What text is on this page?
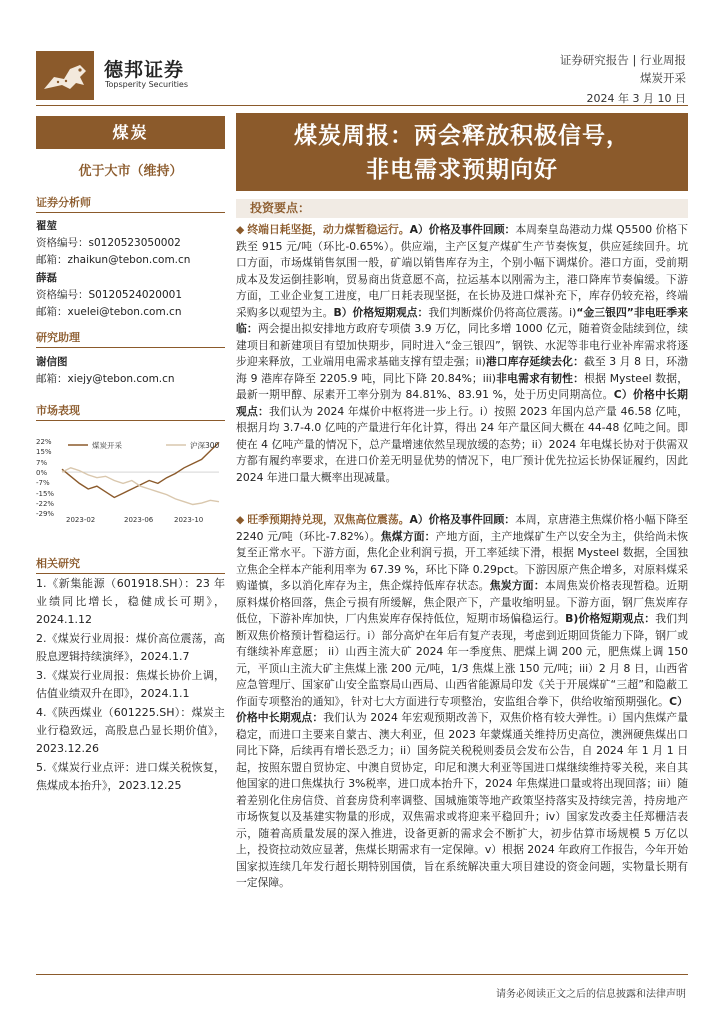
德邦证券
Topsperity Securities
证券研究报告 | 行业周报
煤炭开采
2024 年 3 月 10 日
煤炭
优于大市（维持）
证券分析师
翟堃
资格编号：s0120523050002
邮箱：zhaikun@tebon.com.cn
薛磊
资格编号：S0120524020001
邮箱：xuelei@tebon.com.cn
研究助理
谢信图
邮箱：xiejy@tebon.com.cn
市场表现
22%
15%
7%
0%
-7%
-15%
-22%
-29%
2023-02	2023-06	2023-10
煤炭开采	沪深300
相关研究
1.《新集能源（601918.SH）：23 年业绩同比增长，稳健成长可期》，2024.1.12
2.《煤炭行业周报：煤价高位震荡，高股息逻辑持续演绎》，2024.1.7
3.《煤炭行业周报：焦煤长协价上调，估值业绩双升在即》，2024.1.1
4.《陕西煤业（601225.SH）：煤炭主业行稳致远，高股息凸显长期价值》，2023.12.26
5.《煤炭行业点评：进口煤关税恢复，焦煤成本抬升》，2023.12.25
煤炭周报：两会释放积极信号，
非电需求预期向好
投资要点：
◆ 终端日耗坚挺，动力煤暂稳运行。A）价格及事件回顾：本周秦皇岛港动力煤 Q5500 价格下跌至 915 元/吨（环比-0.65%）。供应端，主产区复产煤矿生产节奏恢复，供应延续回升。坑口方面，市场煤销售氛围一般，矿端以销售库存为主，个别小幅下调煤价。港口方面，受前期成本及发运倒挂影响，贸易商出货意愿不高，拉运基本以刚需为主，港口降库节奏偏缓。下游方面，工业企业复工进度，电厂日耗表现坚挺，在长协及进口煤补充下，库存仍较充裕，终端采购多以观望为主。B）价格短期观点：我们判断煤价仍将高位震荡。i)“金三银四”非电旺季来临：两会提出拟安排地方政府专项债 3.9 万亿，同比多增 1000 亿元，随着资金陆续到位，续建项目和新建项目有望加快期步，同时进入“金三银四”，钢铁、水泥等非电行业补库需求将逐步迎来释放，工业端用电需求基础支撑有望走强；ii)港口库存延续去化：截至 3 月 8 日，环渤海 9 港库存降至 2205.9 吨，同比下降 20.84%；iii)非电需求有韧性：根据 Mysteel 数据，最新一期甲醇、尿素开工率分别为 84.81%、83.91 %，处于历史同期高位。C）价格中长期观点：我们认为 2024 年煤价中枢将进一步上行。i）按照 2023 年国内总产量 46.58 亿吨，根据月均 3.7-4.0 亿吨的产量进行年化计算，得出 24 年产量区间大概在 44-48 亿吨之间。即使在 4 亿吨产量的情况下，总产量增速依然呈现放缓的态势；ii）2024 年电煤长协对于供需双方都有履约率要求，在进口价差无明显优势的情况下，电厂预计优先拉运长协保证履约，因此 2024 年进口量大概率出现减量。
◆ 旺季预期持兑现，双焦高位震荡。A）价格及事件回顾：本周，京唐港主焦煤价格小幅下降至 2240 元/吨（环比-7.82%）。焦煤方面：产地方面，主产地煤矿生产以安全为主，供给尚未恢复至正常水平。下游方面，焦化企业利润亏损，开工率延续下滑，根据 Mysteel 数据，全国独立焦企全样本产能利用率为 67.39 %，环比下降 0.29pct。下游因原产焦企增多，对原料煤采购谨慎，多以消化库存为主，焦企煤持低库存状态。焦炭方面：本周焦炭价格表现暂稳。近期原料煤价格回落，焦企亏损有所缓解，焦企限产下，产量收缩明显。下游方面，钢厂焦炭库存低位，下游补库加快，厂内焦炭库存保持低位，短期市场偏稳运行。B)价格短期观点：我们判断双焦价格预计暂稳运行。i）部分高炉在年后有复产表现，考虑到近期回货能力下降，钢厂或有继续补库意愿； ii）山西主流大矿 2024 年一季度焦、肥煤上调 200 元，肥焦煤上调 150 元，平顶山主流大矿主焦煤上涨 200 元/吨，1/3 焦煤上涨 150 元/吨；iii）2 月 8 日，山西省应急管理厅、国家矿山安全监察局山西局、山西省能源局印发《关于开展煤矿“三超”和隐蔽工作面专项整治的通知》，针对七大方面进行专项整治，安监组合拳下，供给收缩预期强化。C）价格中长期观点：我们认为 2024 年宏观预期改善下，双焦价格有较大弹性。i）国内焦煤产量稳定，而进口主要来自蒙古、澳大利亚，但 2023 年蒙煤通关维持历史高位，澳洲硬焦煤出口同比下降，后续再有增长恐乏力；ii）国务院关税税则委员会发布公告，自 2024 年 1 月 1 日起，按照东盟自贸协定、中澳自贸协定，印尼和澳大利亚等国进口煤继续维持零关税，来自其他国家的进口焦煤执行 3%税率，进口成本抬升下，2024 年焦煤进口量或将出现回落；iii）随着差别化住房信贷、首套房贷利率调整、国城施策等地产政策坚持落实及持续完善，持房地产市场恢复以及基建实物量的形成，双焦需求或将迎来平稳回升；iv）国家发改委主任郑栅洁表示，随着高质量发展的深入推进，设备更新的需求会不断扩大，初步估算市场规模 5 万亿以上，投资拉动效应显著，焦煤长期需求有一定保障。v）根据 2024 年政府工作报告，今年开始国家拟连续几年发行超长期特别国债，旨在系统解决重大项目建设的资金问题，实物量长期有一定保障。
请务必阅读正文之后的信息披露和法律声明
